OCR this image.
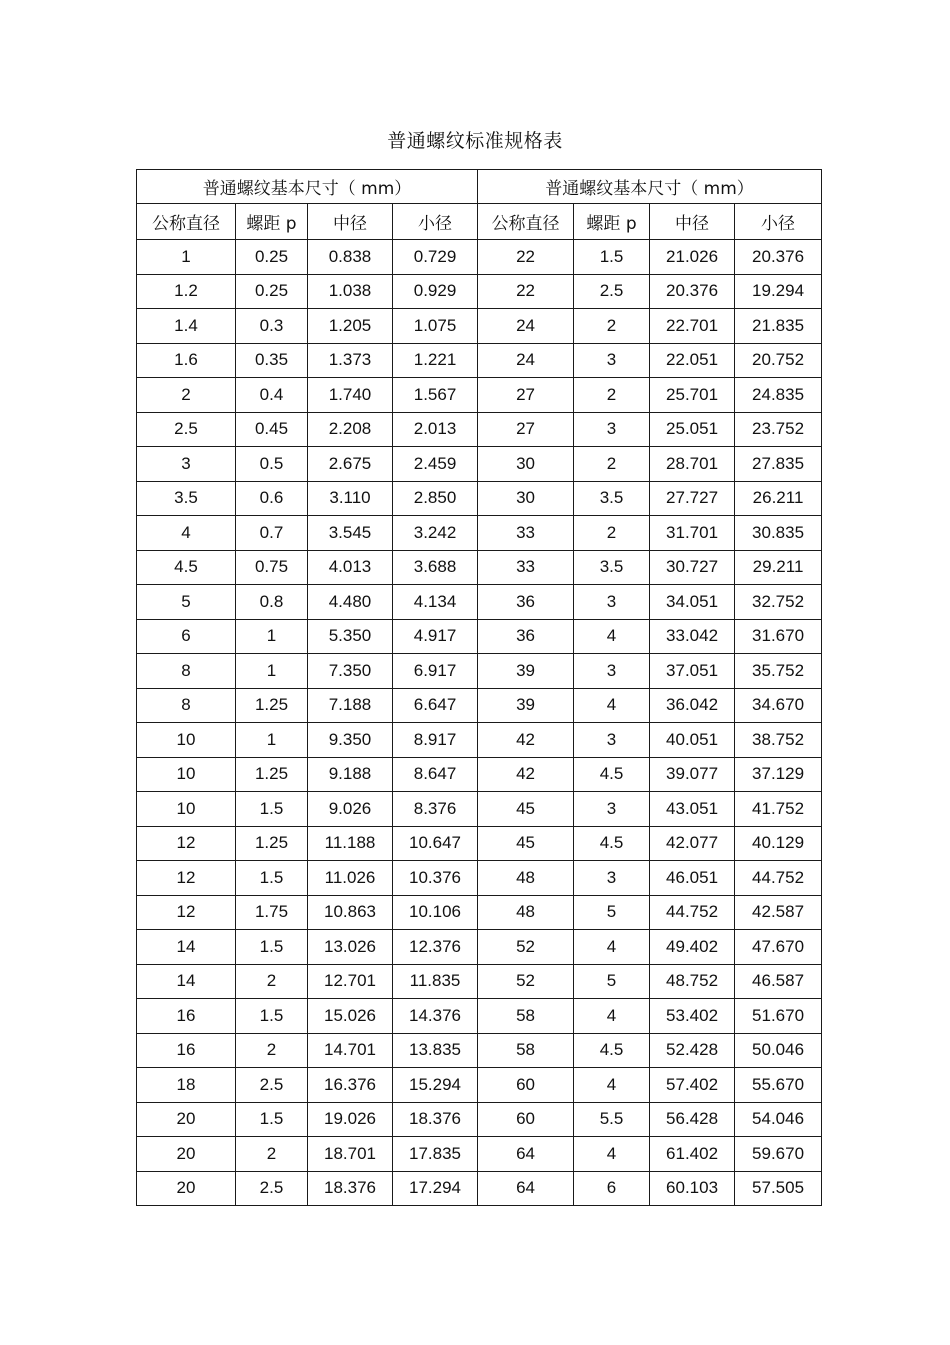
普通螺纹标准规格表
普通螺纹基本尺寸（ mm）				普通螺纹基本尺寸（ mm）			
公称直径	螺距 p	中径	小径	公称直径	螺距 p	中径	小径
1	0.25	0.838	0.729	22	1.5	21.026	20.376
1.2	0.25	1.038	0.929	22	2.5	20.376	19.294
1.4	0.3	1.205	1.075	24	2	22.701	21.835
1.6	0.35	1.373	1.221	24	3	22.051	20.752
2	0.4	1.740	1.567	27	2	25.701	24.835
2.5	0.45	2.208	2.013	27	3	25.051	23.752
3	0.5	2.675	2.459	30	2	28.701	27.835
3.5	0.6	3.110	2.850	30	3.5	27.727	26.211
4	0.7	3.545	3.242	33	2	31.701	30.835
4.5	0.75	4.013	3.688	33	3.5	30.727	29.211
5	0.8	4.480	4.134	36	3	34.051	32.752
6	1	5.350	4.917	36	4	33.042	31.670
8	1	7.350	6.917	39	3	37.051	35.752
8	1.25	7.188	6.647	39	4	36.042	34.670
10	1	9.350	8.917	42	3	40.051	38.752
10	1.25	9.188	8.647	42	4.5	39.077	37.129
10	1.5	9.026	8.376	45	3	43.051	41.752
12	1.25	11.188	10.647	45	4.5	42.077	40.129
12	1.5	11.026	10.376	48	3	46.051	44.752
12	1.75	10.863	10.106	48	5	44.752	42.587
14	1.5	13.026	12.376	52	4	49.402	47.670
14	2	12.701	11.835	52	5	48.752	46.587
16	1.5	15.026	14.376	58	4	53.402	51.670
16	2	14.701	13.835	58	4.5	52.428	50.046
18	2.5	16.376	15.294	60	4	57.402	55.670
20	1.5	19.026	18.376	60	5.5	56.428	54.046
20	2	18.701	17.835	64	4	61.402	59.670
20	2.5	18.376	17.294	64	6	60.103	57.505
